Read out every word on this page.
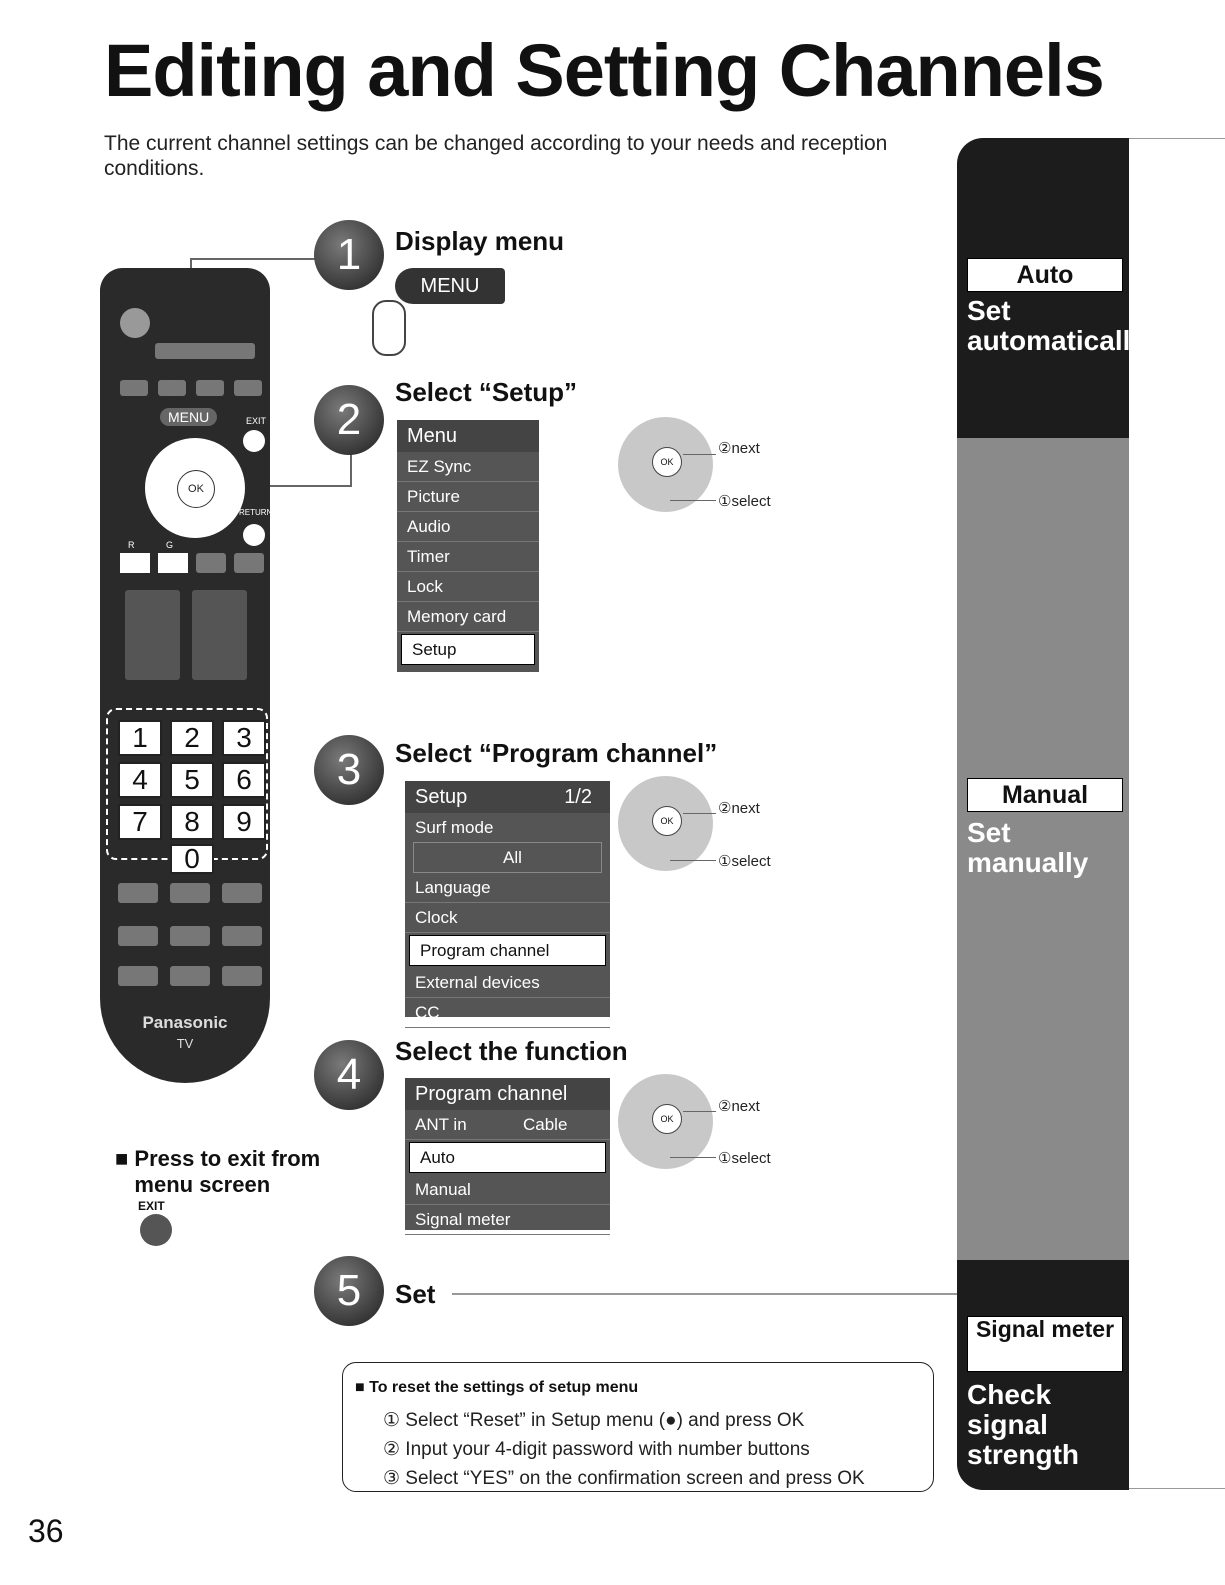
Editing and Setting Channels
The current channel settings can be changed according to your needs and reception conditions.
Auto
Set automatically
Manual
Set manually
Signal meter
Check signal strength
MENU	EXIT
OK
RETURN
R	G
1	2	3
4	5	6
7	8	9
0
Panasonic
TV
1	Display menu
MENU
2
Select “Setup”
Menu
EZ Sync
Picture
Audio
Timer
Lock
Memory card
Setup
OK
②next
①select
3	Select “Program channel”
Setup	1/2
Surf mode
All
Language
Clock
Program channel
External devices
CC
OK
②next
①select
4	Select the function
Program channel
ANT in	Cable
Auto
Manual
Signal meter
OK
②next
①select
5	Set
■ Press to exit from menu screen
EXIT
■ To reset the settings of setup menu
① Select “Reset” in Setup menu (●) and press OK
② Input your 4-digit password with number buttons
③ Select “YES” on the confirmation screen and press OK
36
